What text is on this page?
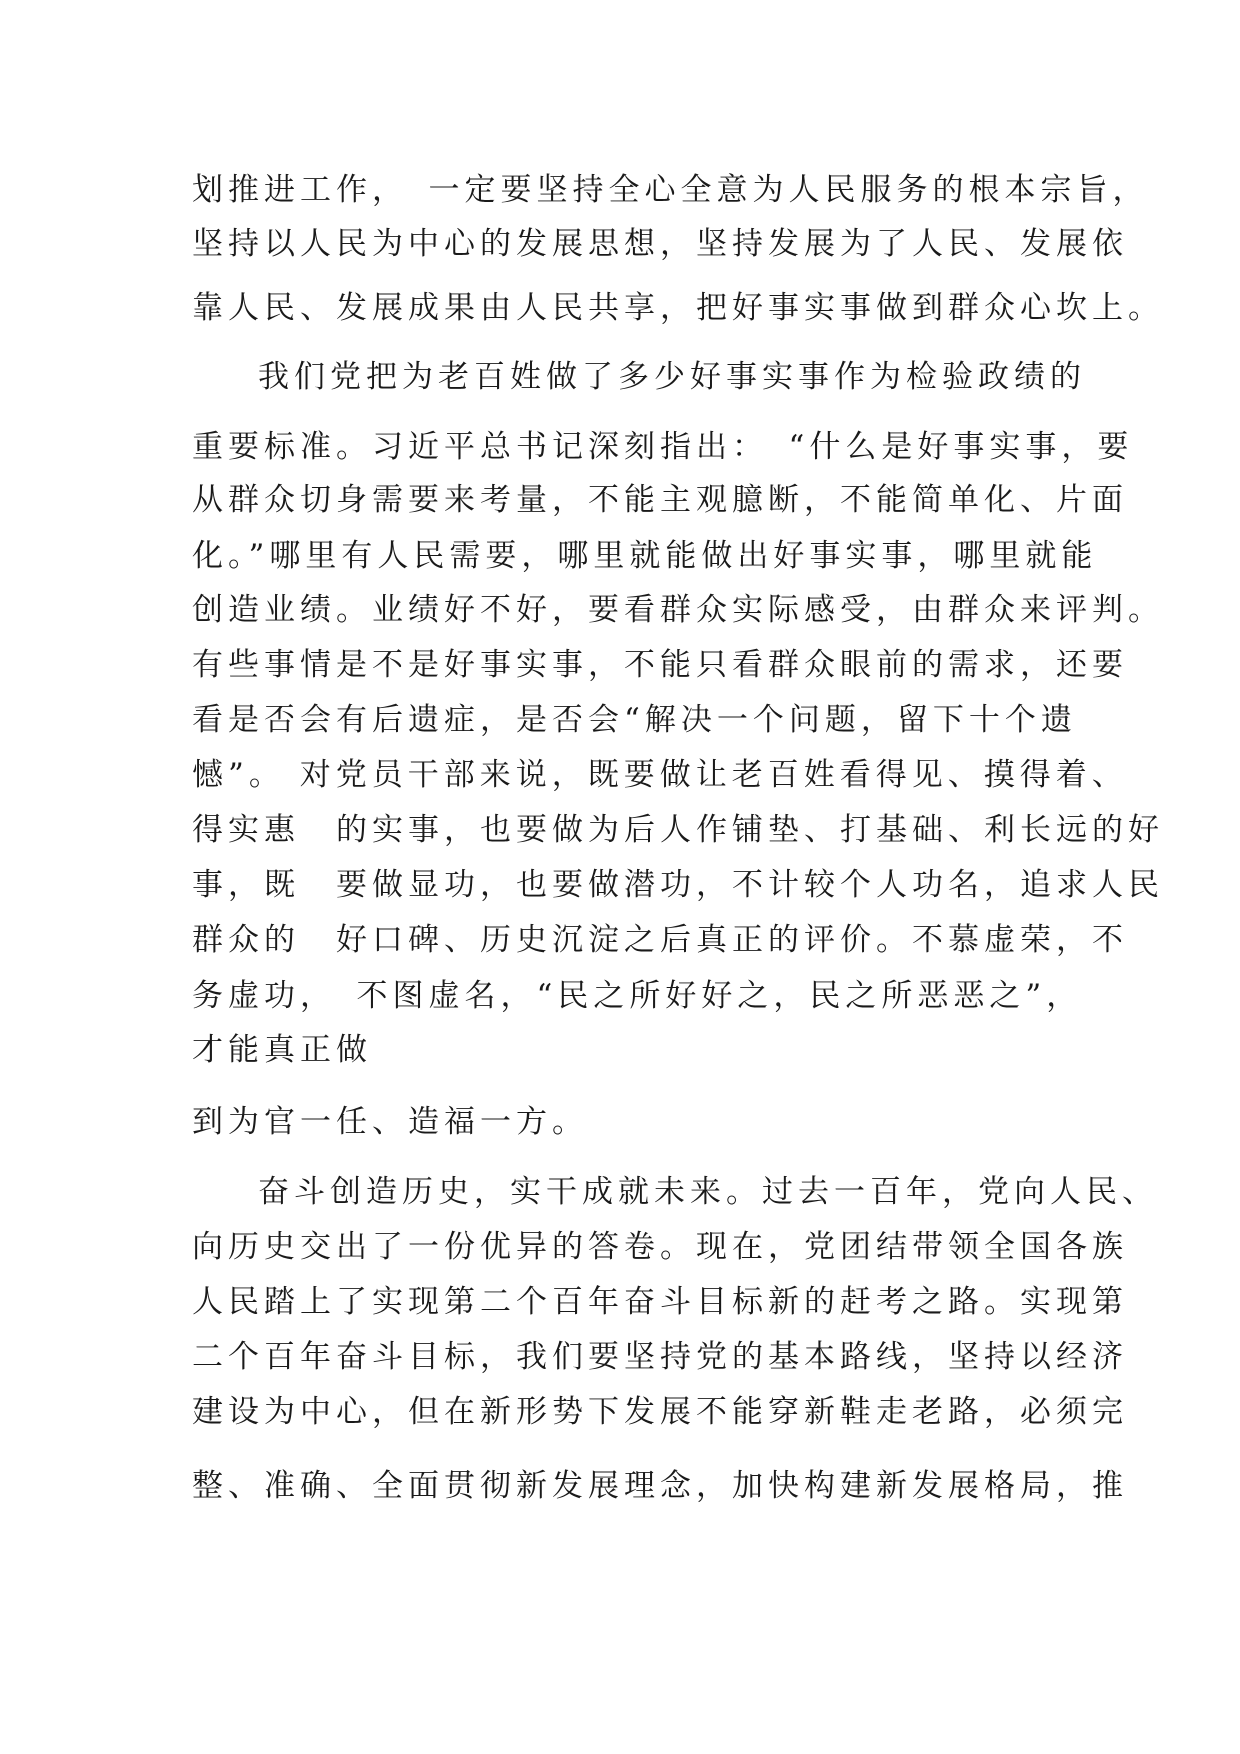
划推进工作，　一定要坚持全心全意为人民服务的根本宗旨，

坚持以人民为中心的发展思想，坚持发展为了人民、发展依

靠人民、发展成果由人民共享，把好事实事做到群众心坎上。

我们党把为老百姓做了多少好事实事作为检验政绩的

重要标准。习近平总书记深刻指出：　“什么是好事实事，要

从群众切身需要来考量，不能主观臆断，不能简单化、片面

化。”哪里有人民需要，哪里就能做出好事实事，哪里就能

创造业绩。业绩好不好，要看群众实际感受，由群众来评判。

有些事情是不是好事实事，不能只看群众眼前的需求，还要

看是否会有后遗症，是否会“解决一个问题，留下十个遗

憾”。 对党员干部来说，既要做让老百姓看得见、摸得着、

得实惠　的实事，也要做为后人作铺垫、打基础、利长远的好

事，既　要做显功，也要做潜功，不计较个人功名，追求人民

群众的　好口碑、历史沉淀之后真正的评价。不慕虚荣，不

务虚功，　不图虚名，“民之所好好之，民之所恶恶之”，

才能真正做

到为官一任、造福一方。

奋斗创造历史，实干成就未来。过去一百年，党向人民、

向历史交出了一份优异的答卷。现在，党团结带领全国各族

人民踏上了实现第二个百年奋斗目标新的赶考之路。实现第

二个百年奋斗目标，我们要坚持党的基本路线，坚持以经济

建设为中心，但在新形势下发展不能穿新鞋走老路，必须完

整、准确、全面贯彻新发展理念，加快构建新发展格局，推
